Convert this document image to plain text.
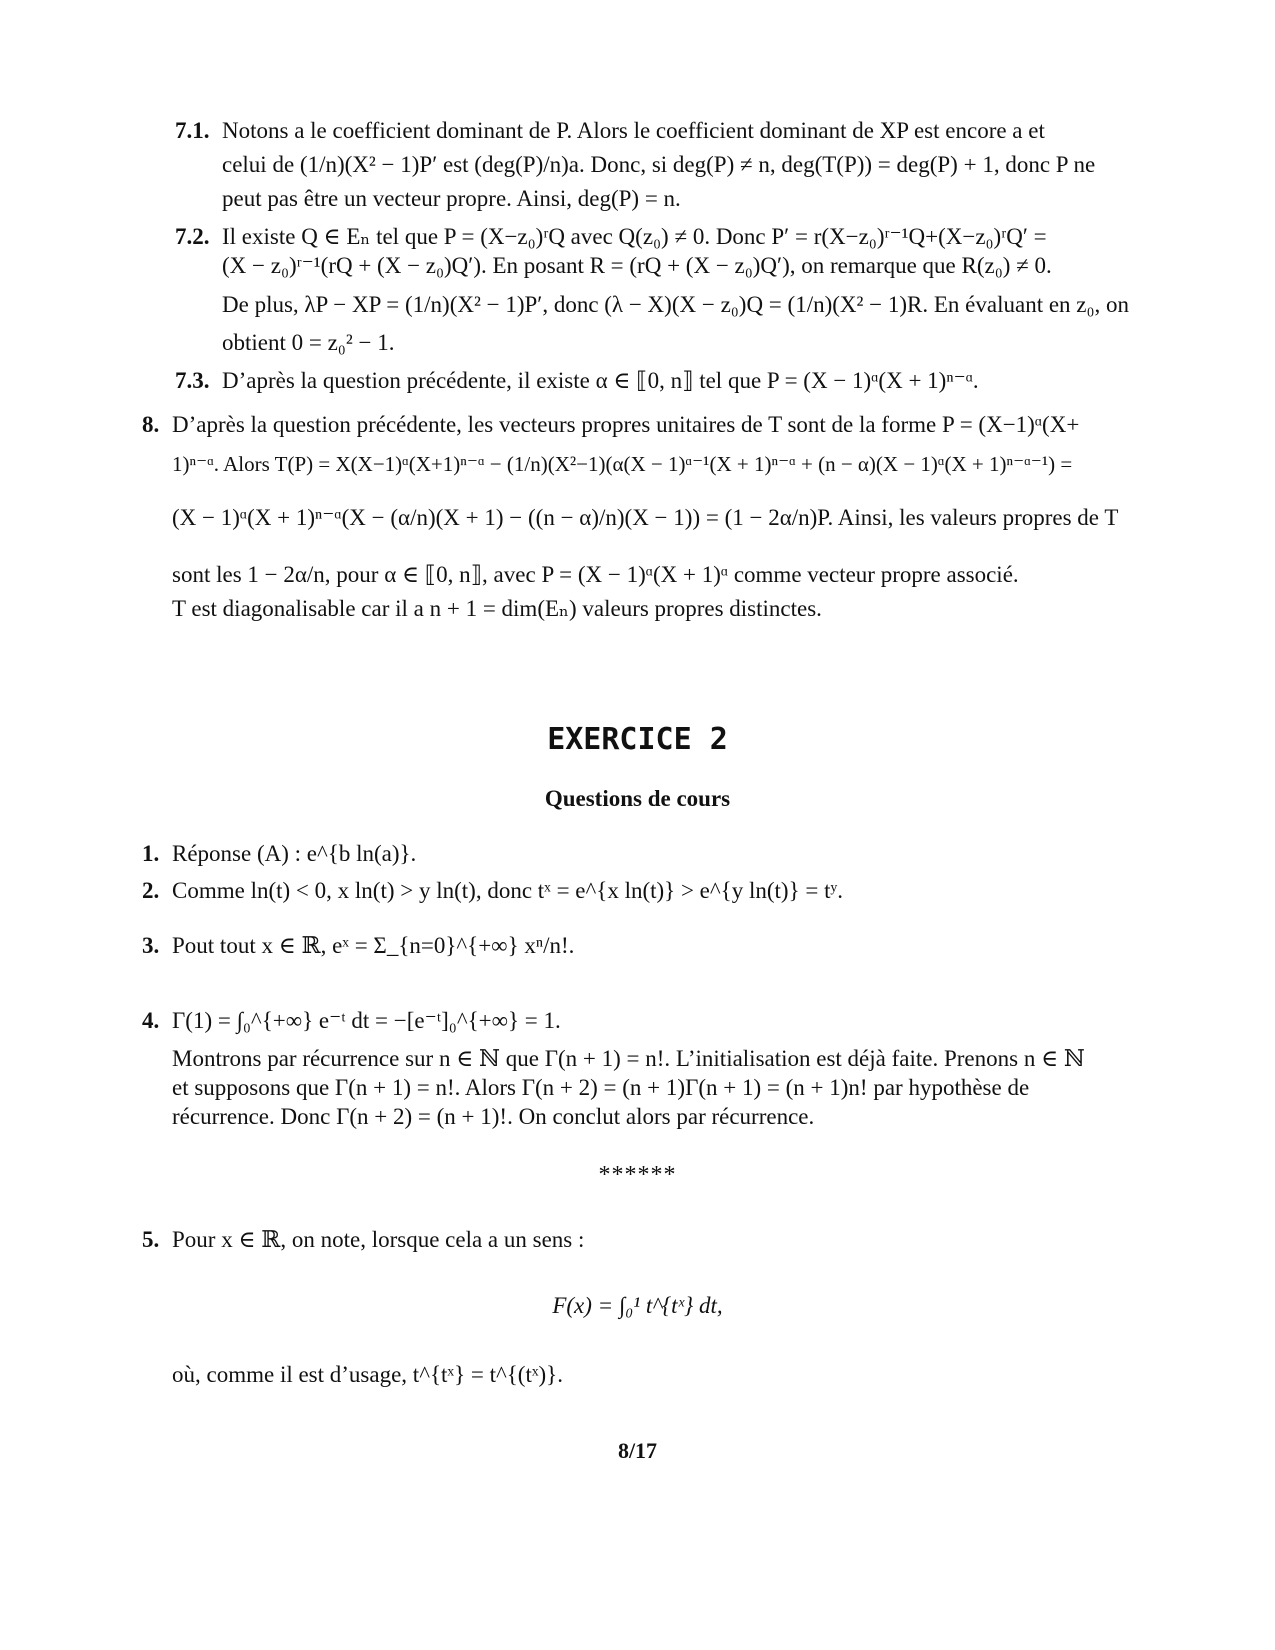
7.1. Notons a le coefficient dominant de P. Alors le coefficient dominant de XP est encore a et
celui de (1/n)(X² − 1)P′ est (deg(P)/n)a. Donc, si deg(P) ≠ n, deg(T(P)) = deg(P) + 1, donc P ne
peut pas être un vecteur propre. Ainsi, deg(P) = n.
7.2. Il existe Q ∈ Eₙ tel que P = (X−z₀)ʳQ avec Q(z₀) ≠ 0. Donc P′ = r(X−z₀)ʳ⁻¹Q+(X−z₀)ʳQ′ =
(X − z₀)ʳ⁻¹(rQ + (X − z₀)Q′). En posant R = (rQ + (X − z₀)Q′), on remarque que R(z₀) ≠ 0.
De plus, λP − XP = (1/n)(X² − 1)P′, donc (λ − X)(X − z₀)Q = (1/n)(X² − 1)R. En évaluant en z₀, on
obtient 0 = z₀² − 1.
7.3. D’après la question précédente, il existe α ∈ ⟦0, n⟧ tel que P = (X − 1)ᵅ(X + 1)ⁿ⁻ᵅ.
8. D’après la question précédente, les vecteurs propres unitaires de T sont de la forme P = (X−1)ᵅ(X+
1)ⁿ⁻ᵅ. Alors T(P) = X(X−1)ᵅ(X+1)ⁿ⁻ᵅ − (1/n)(X²−1)(α(X − 1)ᵅ⁻¹(X + 1)ⁿ⁻ᵅ + (n − α)(X − 1)ᵅ(X + 1)ⁿ⁻ᵅ⁻¹) =
(X − 1)ᵅ(X + 1)ⁿ⁻ᵅ(X − (α/n)(X + 1) − ((n − α)/n)(X − 1)) = (1 − 2α/n)P. Ainsi, les valeurs propres de T
sont les 1 − 2α/n, pour α ∈ ⟦0, n⟧, avec P = (X − 1)ᵅ(X + 1)ᵅ comme vecteur propre associé.
T est diagonalisable car il a n + 1 = dim(Eₙ) valeurs propres distinctes.
EXERCICE 2
Questions de cours
1. Réponse (A) : e^{b ln(a)}.
2. Comme ln(t) < 0, x ln(t) > y ln(t), donc tˣ = e^{x ln(t)} > e^{y ln(t)} = tʸ.
3. Pout tout x ∈ ℝ, eˣ = Σ_{n=0}^{+∞} xⁿ/n!.
4. Γ(1) = ∫₀^{+∞} e⁻ᵗ dt = −[e⁻ᵗ]₀^{+∞} = 1.
Montrons par récurrence sur n ∈ ℕ que Γ(n + 1) = n!. L’initialisation est déjà faite. Prenons n ∈ ℕ
et supposons que Γ(n + 1) = n!. Alors Γ(n + 2) = (n + 1)Γ(n + 1) = (n + 1)n! par hypothèse de
récurrence. Donc Γ(n + 2) = (n + 1)!. On conclut alors par récurrence.
******
5. Pour x ∈ ℝ, on note, lorsque cela a un sens :
F(x) = ∫₀¹ t^{tˣ} dt,
où, comme il est d’usage, t^{tˣ} = t^{(tˣ)}.
8/17
